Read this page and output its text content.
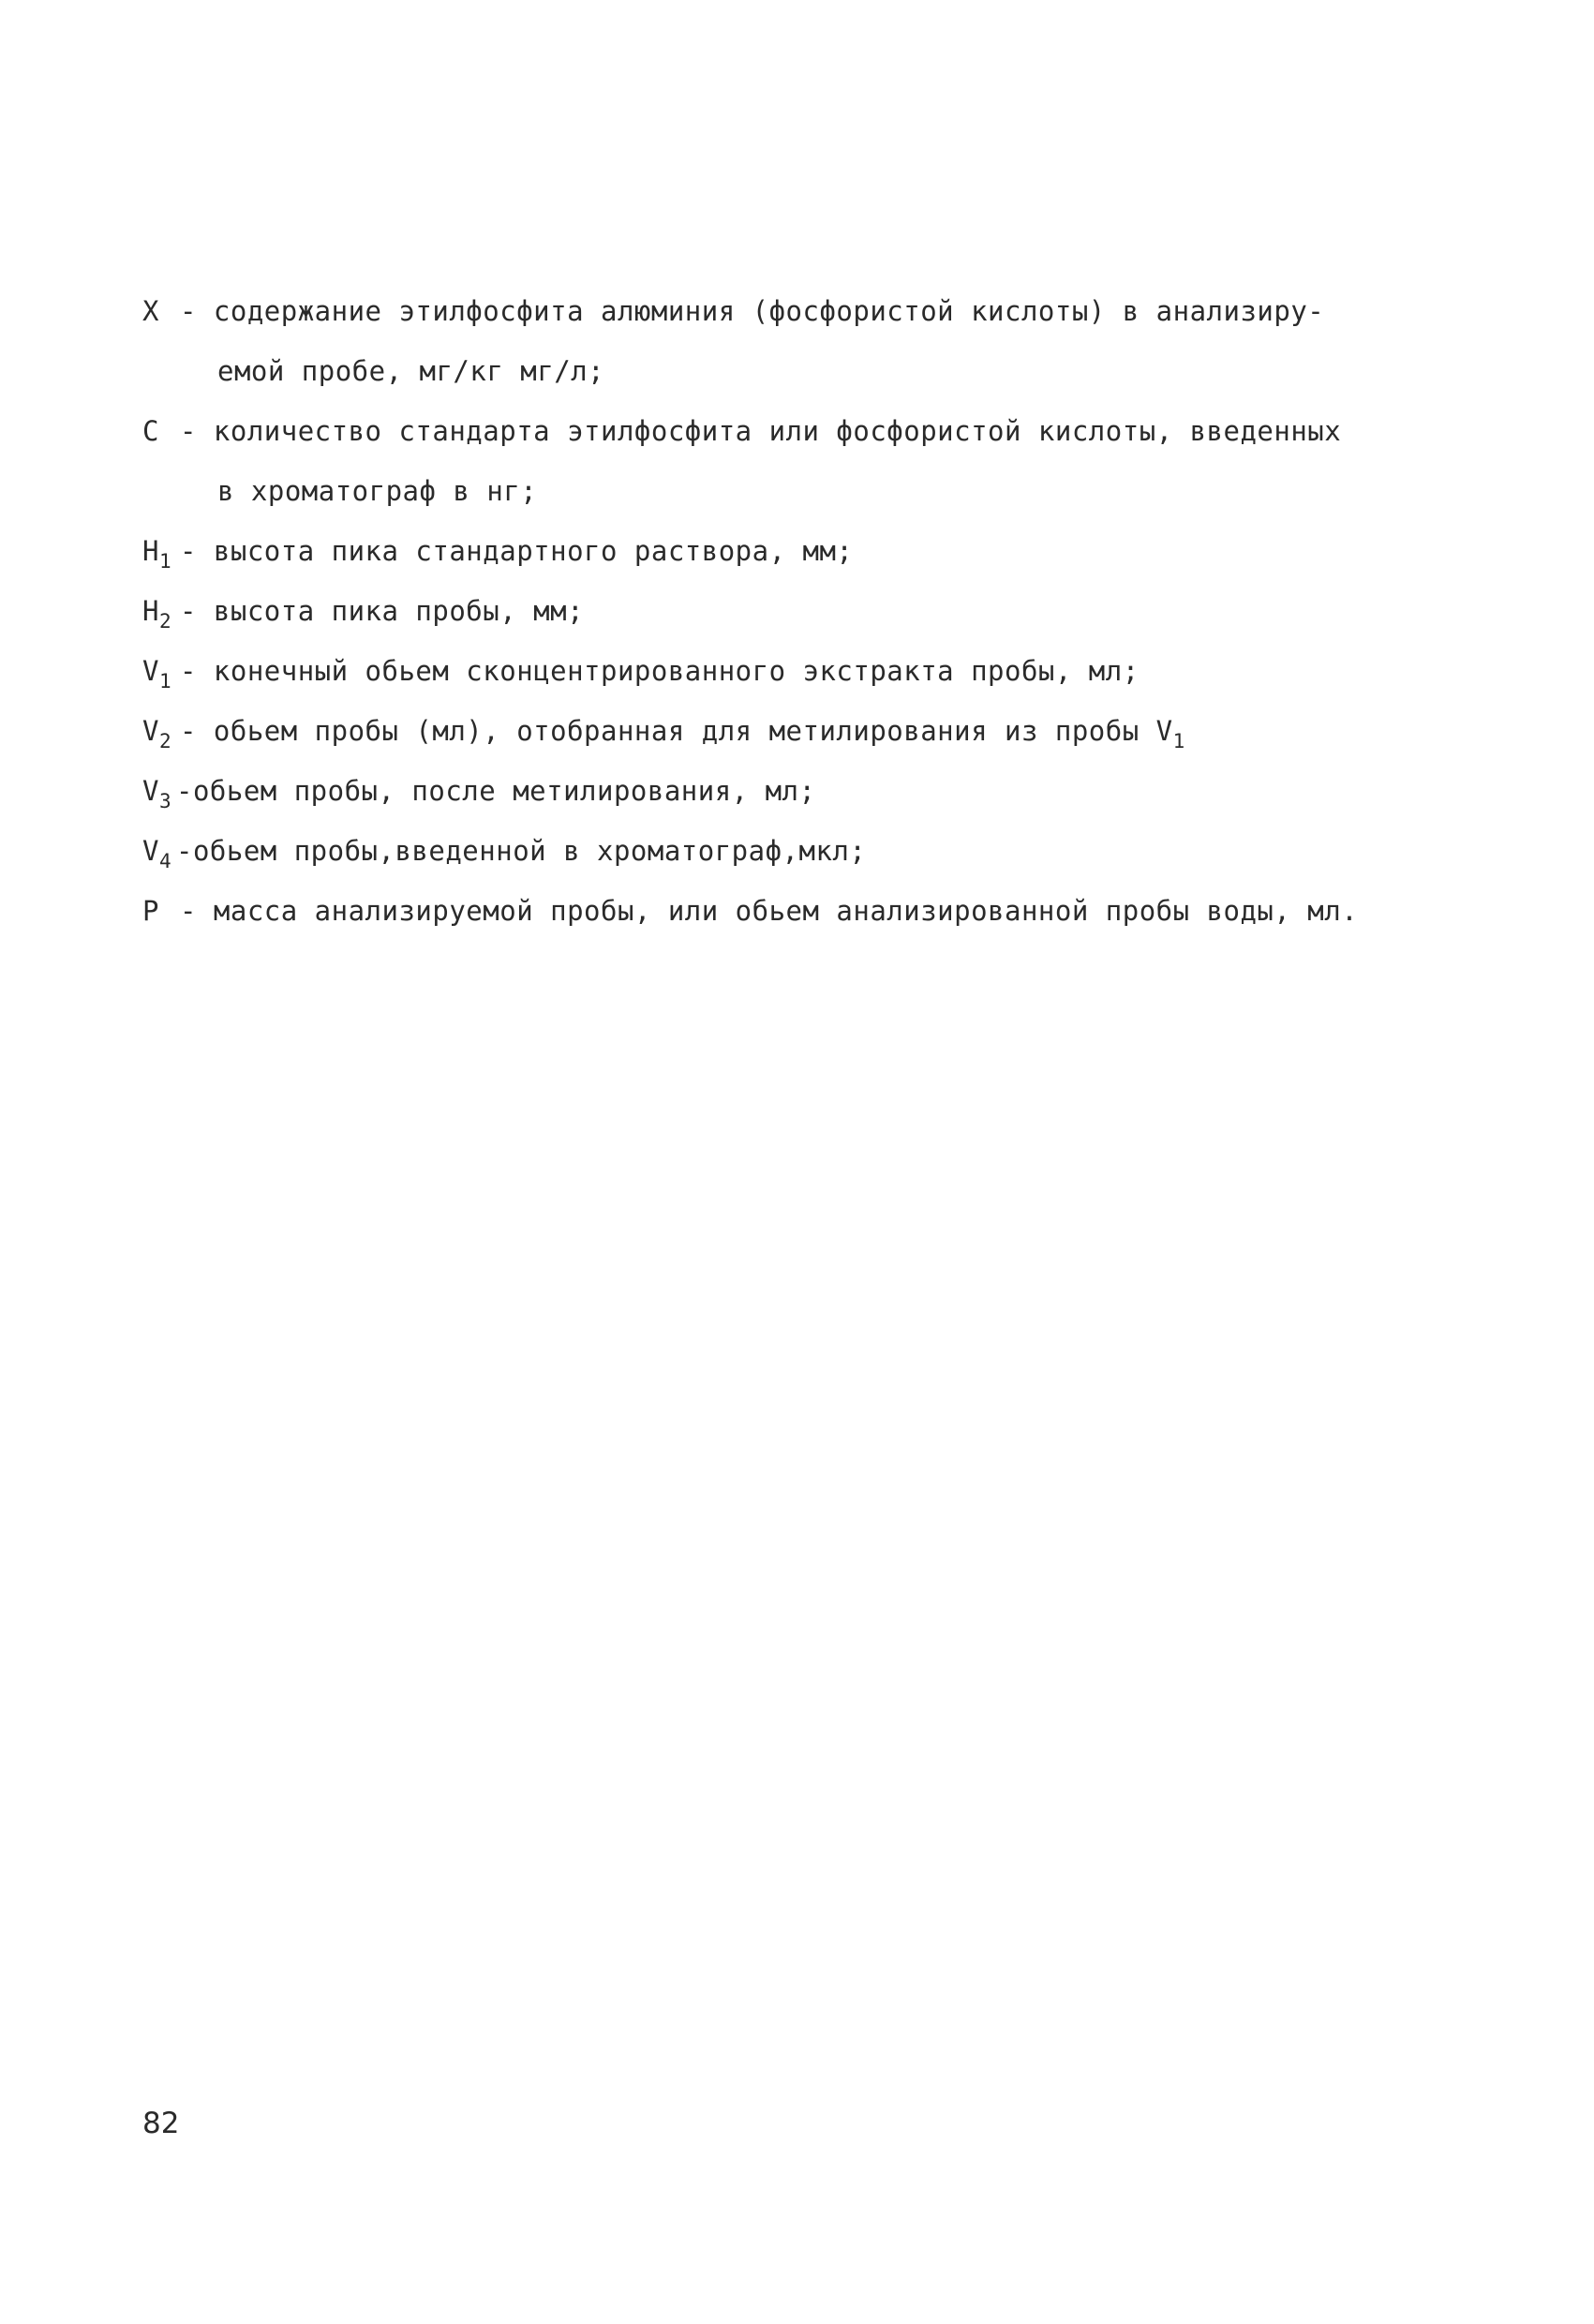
X - содержание этилфосфита алюминия (фосфористой кислоты) в анализиру-
емой пробе, мг/кг мг/л;
C - количество стандарта этилфосфита или фосфористой кислоты, введенных
в хроматограф в нг;
$H_1$ - высота пика стандартного раствора, мм;
$H_2$ - высота пика пробы, мм;
$V_1$ - конечный обьем сконцентрированного экстракта пробы, мл;
$V_2$ - обьем пробы (мл), отобранная для метилирования из пробы $V_1$
$V_3$ -обьем пробы, после метилирования, мл;
$V_4$ -обьем пробы,введенной в хроматограф,мкл;
P - масса анализируемой пробы, или обьем анализированной пробы воды, мл.
82
